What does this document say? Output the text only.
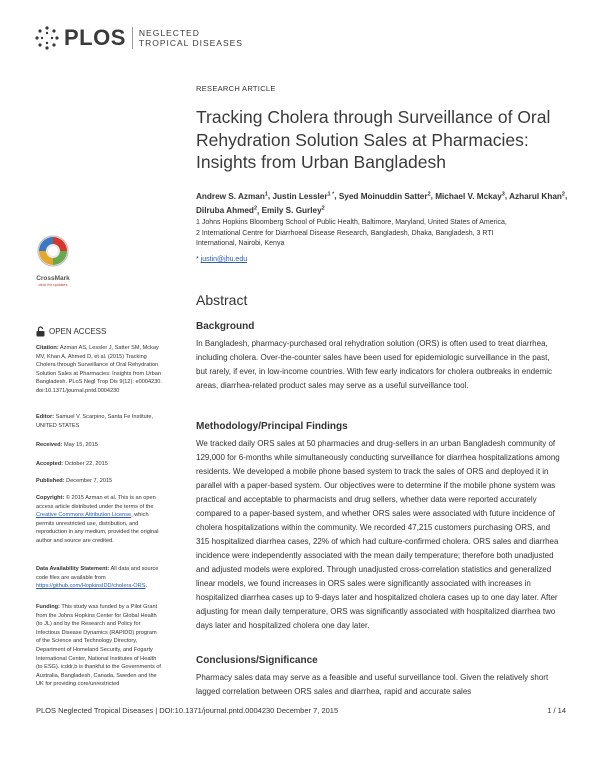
PLOS NEGLECTED
TROPICAL DISEASES
RESEARCH ARTICLE
Tracking Cholera through Surveillance of Oral Rehydration Solution Sales at Pharmacies: Insights from Urban Bangladesh
Andrew S. Azman$^1$, Justin Lessler$^{1 *}$, Syed Moinuddin Satter$^2$, Michael V. Mckay$^3$, Azharul Khan$^2$, Dilruba Ahmed$^2$, Emily S. Gurley$^2$
1 Johns Hopkins Bloomberg School of Public Health, Baltimore, Maryland, United States of America,
2 International Centre for Diarrhoeal Disease Research, Bangladesh, Dhaka, Bangladesh, 3 RTI
International, Nairobi, Kenya
* justin@jhu.edu
CrossMark
click for updates
Abstract
Background
In Bangladesh, pharmacy-purchased oral rehydration solution (ORS) is often used to treat diarrhea, including cholera. Over-the-counter sales have been used for epidemiologic surveillance in the past, but rarely, if ever, in low-income countries. With few early indicators for cholera outbreaks in endemic areas, diarrhea-related product sales may serve as a useful surveillance tool.
Methodology/Principal Findings
We tracked daily ORS sales at 50 pharmacies and drug-sellers in an urban Bangladesh community of 129,000 for 6-months while simultaneously conducting surveillance for diarrhea hospitalizations among residents. We developed a mobile phone based system to track the sales of ORS and deployed it in parallel with a paper-based system. Our objectives were to determine if the mobile phone system was practical and acceptable to pharmacists and drug sellers, whether data were reported accurately compared to a paper-based system, and whether ORS sales were associated with future incidence of cholera hospitalizations within the community. We recorded 47,215 customers purchasing ORS, and 315 hospitalized diarrhea cases, 22% of which had culture-confirmed cholera. ORS sales and diarrhea incidence were independently associated with the mean daily temperature; therefore both unadjusted and adjusted models were explored. Through unadjusted cross-correlation statistics and generalized linear models, we found increases in ORS sales were significantly associated with increases in hospitalized diarrhea cases up to 9-days later and hospitalized cholera cases up to one day later. After adjusting for mean daily temperature, ORS was significantly associated with hospitalized diarrhea two days later and hospitalized cholera one day later.
Conclusions/Significance
Pharmacy sales data may serve as a feasible and useful surveillance tool. Given the relatively short lagged correlation between ORS sales and diarrhea, rapid and accurate sales
OPEN ACCESS
Citation: Azman AS, Lessler J, Satter SM, Mckay MV, Khan A, Ahmed D, et al. (2015) Tracking Cholera through Surveillance of Oral Rehydration Solution Sales at Pharmacies: Insights from Urban Bangladesh. PLoS Negl Trop Dis 9(12): e0004230. doi:10.1371/journal.pntd.0004230
Editor: Samuel V. Scarpino, Santa Fe Institute, UNITED STATES
Received: May 15, 2015
Accepted: October 22, 2015
Published: December 7, 2015
Copyright: © 2015 Azman et al. This is an open access article distributed under the terms of the Creative Commons Attribution License, which permits unrestricted use, distribution, and reproduction in any medium, provided the original author and source are credited.
Data Availability Statement: All data and source code files are available from https://github.com/HopkinsIDD/cholera-ORS.
Funding: This study was funded by a Pilot Grant from the Johns Hopkins Center for Global Health (to JL) and by the Research and Policy for Infectious Disease Dynamics (RAPIDD) program of the Science and Technology Directory, Department of Homeland Security, and Fogarty International Center, National Institutes of Health (to ESG). icddr,b is thankful to the Governments of Australia, Bangladesh, Canada, Sweden and the UK for providing core/unrestricted
PLOS Neglected Tropical Diseases | DOI:10.1371/journal.pntd.0004230 December 7, 2015	1 / 14
